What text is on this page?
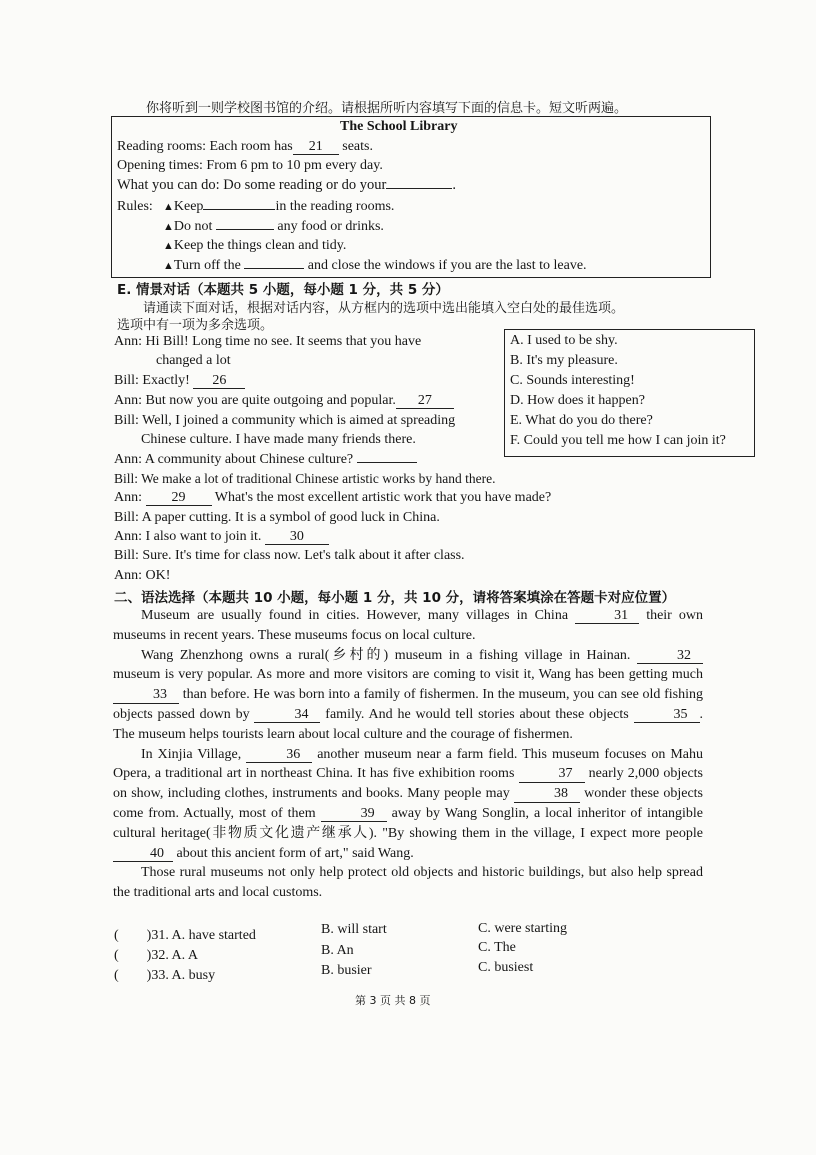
你将听到一则学校图书馆的介绍。请根据所听内容填写下面的信息卡。短文听两遍。
The School Library
Reading rooms: Each room has 21 seats.
Opening times: From 6 pm to 10 pm every day.
What you can do: Do some reading or do your	.
Rules: ▲Keep	in the reading rooms.
▲Do not	any food or drinks.
▲Keep the things clean and tidy.
▲Turn off the	and close the windows if you are the last to leave.
E. 情景对话（本题共 5 小题，每小题 1 分，共 5 分）
请通读下面对话，根据对话内容，从方框内的选项中选出能填入空白处的最佳选项。
选项中有一项为多余选项。
A. I used to be shy.
B. It's my pleasure.
C. Sounds interesting!
D. How does it happen?
E. What do you do there?
F. Could you tell me how I can join it?
Ann: Hi Bill! Long time no see. It seems that you have
changed a lot
Bill: Exactly! 26
Ann: But now you are quite outgoing and popular. 27
Bill: Well, I joined a community which is aimed at spreading
Chinese culture. I have made many friends there.
Ann: A community about Chinese culture?
Bill: We make a lot of traditional Chinese artistic works by hand there.
Ann: 29 What's the most excellent artistic work that you have made?
Bill: A paper cutting. It is a symbol of good luck in China.
Ann: I also want to join it. 30
Bill: Sure. It's time for class now. Let's talk about it after class.
Ann: OK!
二、语法选择（本题共 10 小题，每小题 1 分，共 10 分，请将答案填涂在答题卡对应位置）

Museum are usually found in cities. However, many villages in China	31 their own museums in recent years. These museums focus on local culture.

Wang Zhenzhong owns a rural(乡村的) museum in a fishing village in Hainan.	32 museum is very popular. As more and more visitors are coming to visit it, Wang has been getting much 33 than before. He was born into a family of fishermen. In the museum, you can see old fishing objects passed down by	34 family. And he would tell stories about these objects	35 . The museum helps tourists learn about local culture and the courage of fishermen.

In Xinjia Village,	36 another museum near a farm field. This museum focuses on Mahu Opera, a traditional art in northeast China. It has five exhibition rooms	37 nearly 2,000 objects on show, including clothes, instruments and books. Many people may	38 wonder these objects come from. Actually, most of them	39 away by Wang Songlin, a local inheritor of intangible cultural heritage(非物质文化遗产继承人). "By showing them in the village, I expect more people 40 about this ancient form of art," said Wang.

Those rural museums not only help protect old objects and historic buildings, but also help spread the traditional arts and local customs.

(　　)31. A. have started	B. will start	C. were starting
(　　)32. A. A	B. An	C. The
(　　)33. A. busy	B. busier	C. busiest
第 3 页 共 8 页
